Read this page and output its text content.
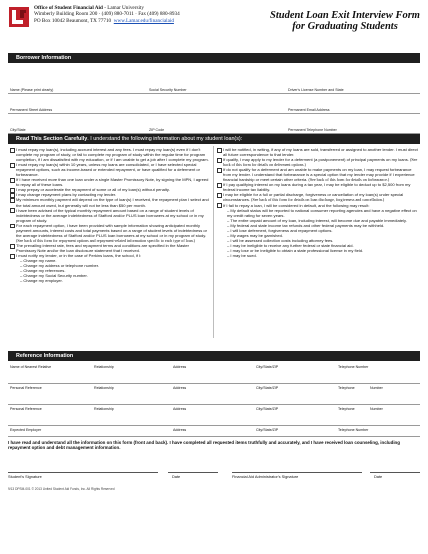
Office of Student Financial Aid - Lamar University
Wimberly Building Room 200 · (409) 880-7011 · Fax (409) 880-8934
PO Box 10042 Beaumont, TX 77710 www.Lamar.edu/financialaid	Student Loan Exit Interview Form for Graduating Students
Borrower Information
Name (Please print clearly)	Social Security Number	Driver's License Number and State
Permanent Street Address	Permanent Email Address
City/State	ZIP Code	Permanent Telephone Number
Read This Section Carefully. I understand the following information about my student loan(s):
I must repay my loan(s), including accrued interest and any fees. I must repay my loan(s) even if I don't complete my program of study, or fail to complete my program of study within the regular time for program completion, if I am dissatisfied with my education, or if I am unable to get a job after I complete my program.
I must repay my loan(s) within 10 years, unless my loans are consolidated, or I have selected special repayment options, such as income-based or extended repayment, or have qualified for a deferment or forbearance.
If I have received more than one loan under a single Master Promissory Note, by signing the MPN, I agreed to repay all of these loans.
I may prepay or accelerate the repayment of some or all of my loan(s) without penalty.
I may change repayment plans by contacting my lender.
My minimum monthly payment will depend on the type of loan(s) I received, the repayment plan I select and the total amount owed, but generally will not be less than $50 per month.
I have been advised of the typical monthly repayment amount based on a range of student levels of indebtedness or the average indebtedness of Stafford and/or PLUS loan borrowers at my school or in my program of study.
For each repayment option, I have been provided with sample information showing anticipated monthly payment amounts, interest costs and total payments based on a range of student levels of indebtedness or the average indebtedness of Stafford and/or PLUS loan borrowers at my school or in my program of study. (See back of this form for repayment options and repayment-related information specific to each type of loan.)
The prevailing interest rate, fees and repayment terms and conditions are specified in the Master Promissory Note and/or the loan disclosure statement that I received.
I must notify my lender, or in the case of Perkins loans, the school, if I:
– Change my name.
– Change my address or telephone number.
– Change my references.
– Change my Social Security number.
– Change my employer.
I will be notified, in writing, if any of my loans are sold, transferred or assigned to another lender. I must direct all future correspondence to that lender.
If qualify, I may apply to my lender for a deferment (a postponement) of principal payments on my loans. (See back of this form for details on deferment options.)
If do not qualify for a deferment and am unable to make payments on my loan, I may request forbearance from my lender. I understand that forbearance is a special option that my lender may provide if I experience financial hardship or meet certain other criteria. (See back of this form for details on forbearance.)
If I pay qualifying interest on my loans during a tax year, I may be eligible to deduct up to $2,500 from my federal income tax liability.
I may be eligible for a full or partial discharge, forgiveness or cancellation of my loan(s) under special circumstances. (See back of this form for details on loan discharge, forgiveness and cancellation.)
If I fail to repay a loan, I will be considered in default, and the following may result:
– My default status will be reported to national consumer reporting agencies and have a negative effect on my credit rating for seven years.
– The entire unpaid amount of my loan, including interest, will become due and payable immediately.
– My federal and state income tax refunds and other federal payments may be withheld.
– I will lose deferment, forgiveness and repayment options.
– My wages may be garnished.
– I will be assessed collection costs including attorney fees.
– I may be ineligible to receive any further federal or state financial aid.
– I may lose or be ineligible to obtain a state professional license in my field.
– I may be sued.
Reference Information
Name of Nearest Relative	Relationship	Address	City/State/ZIP	Telephone Number
Personal Reference	Relationship	Address	City/State/ZIP	Telephone	Number
Personal Reference	Relationship	Address	City/State/ZIP	Telephone	Number
Expected Employer	Address	City/State/ZIP	Telephone Number
I have read and understand all the information on this form (front and back). I have completed all requested items truthfully and accurately, and I have received loan counseling, including repayment option and debt management information.
Student's Signature	Date	Financial Aid Administrator's Signature	Date
9/13 DPSM-001 © 2013 United Student Aid Funds, Inc. All Rights Reserved
